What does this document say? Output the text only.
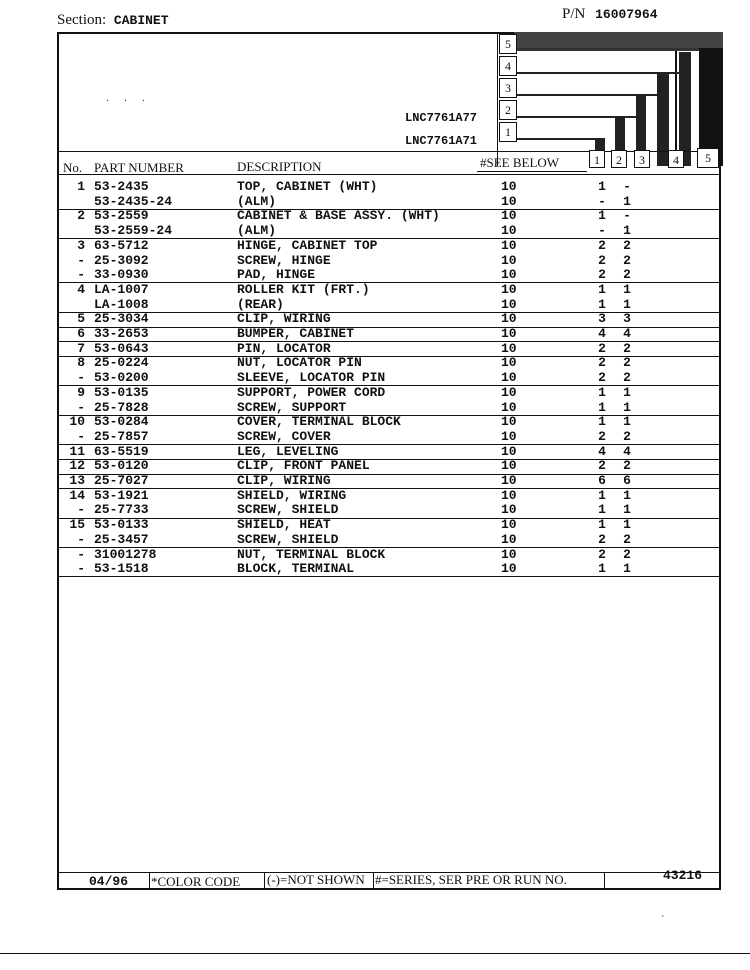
Section: CABINET	P/N 16007964
· · ·
LNC7761A77
LNC7761A71
5
4
3
2
1
No. PART NUMBER	DESCRIPTION	#SEE BELOW	1	2	3	4	5
1 53-2435	TOP, CABINET (WHT)	10	1 -
53-2435-24	(ALM)	10	- 1
2 53-2559	CABINET & BASE ASSY. (WHT)	10	1 -
53-2559-24	(ALM)	10	- 1
3 63-5712	HINGE, CABINET TOP	10	2 2
- 25-3092	SCREW, HINGE	10	2 2
- 33-0930	PAD, HINGE	10	2 2
4 LA-1007	ROLLER KIT (FRT.)	10	1 1
LA-1008	(REAR)	10	1 1
5 25-3034	CLIP, WIRING	10	3 3
6 33-2653	BUMPER, CABINET	10	4 4
7 53-0643	PIN, LOCATOR	10	2 2
8 25-0224	NUT, LOCATOR PIN	10	2 2
- 53-0200	SLEEVE, LOCATOR PIN	10	2 2
9 53-0135	SUPPORT, POWER CORD	10	1 1
- 25-7828	SCREW, SUPPORT	10	1 1
10 53-0284	COVER, TERMINAL BLOCK	10	1 1
- 25-7857	SCREW, COVER	10	2 2
11 63-5519	LEG, LEVELING	10	4 4
12 53-0120	CLIP, FRONT PANEL	10	2 2
13 25-7027	CLIP, WIRING	10	6 6
14 53-1921	SHIELD, WIRING	10	1 1
- 25-7733	SCREW, SHIELD	10	1 1
15 53-0133	SHIELD, HEAT	10	1 1
- 25-3457	SCREW, SHIELD	10	2 2
- 31001278	NUT, TERMINAL BLOCK	10	2 2
- 53-1518	BLOCK, TERMINAL	10	1 1
04/96 *COLOR CODE (-)=NOT SHOWN #=SERIES, SER PRE OR RUN NO.	43216
ˊ
